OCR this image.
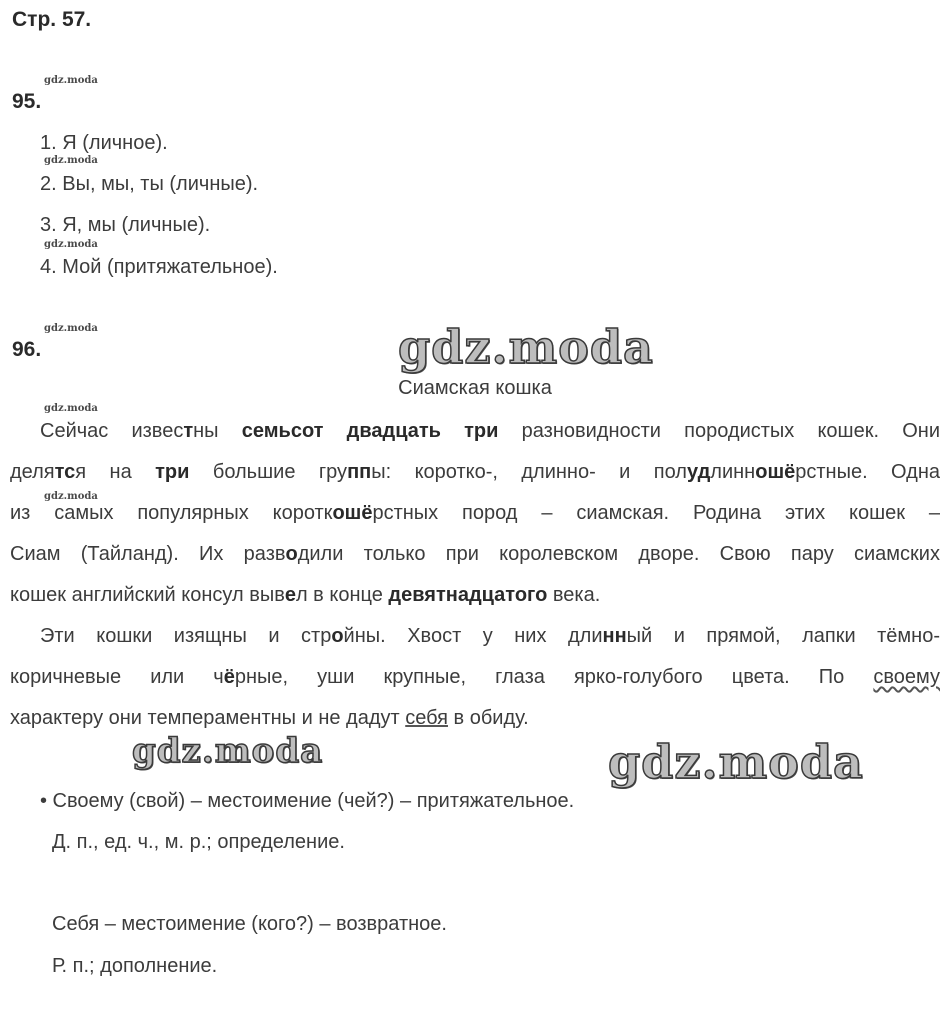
Стр. 57.
gdz.moda
gdz.moda
gdz.moda
gdz.moda
gdz.moda
gdz.moda
95.
1. Я (личное).
2. Вы, мы, ты (личные).
3. Я, мы (личные).
4. Мой (притяжательное).
96.	gdz.moda
Сиамская кошка
Сейчас известны семьсот двадцать три разновидности породистых кошек. Они
делятся на три большие группы: коротко-, длинно- и полудлинношёрстные. Одна
из самых популярных короткошёрстных пород – сиамская. Родина этих кошек –
Сиам (Тайланд). Их разводили только при королевском дворе. Свою пару сиамских
кошек английский консул вывел в конце девятнадцатого века.
Эти кошки изящны и стройны. Хвост у них длинный и прямой, лапки тёмно-
коричневые или чёрные, уши крупные, глаза ярко-голубого цвета. По своему
характеру они темпераментны и не дадут себя в обиду.
gdz.moda	gdz.moda
• Своему (свой) – местоимение (чей?) – притяжательное.
Д. п., ед. ч., м. р.; определение.
Себя – местоимение (кого?) – возвратное.
Р. п.; дополнение.
